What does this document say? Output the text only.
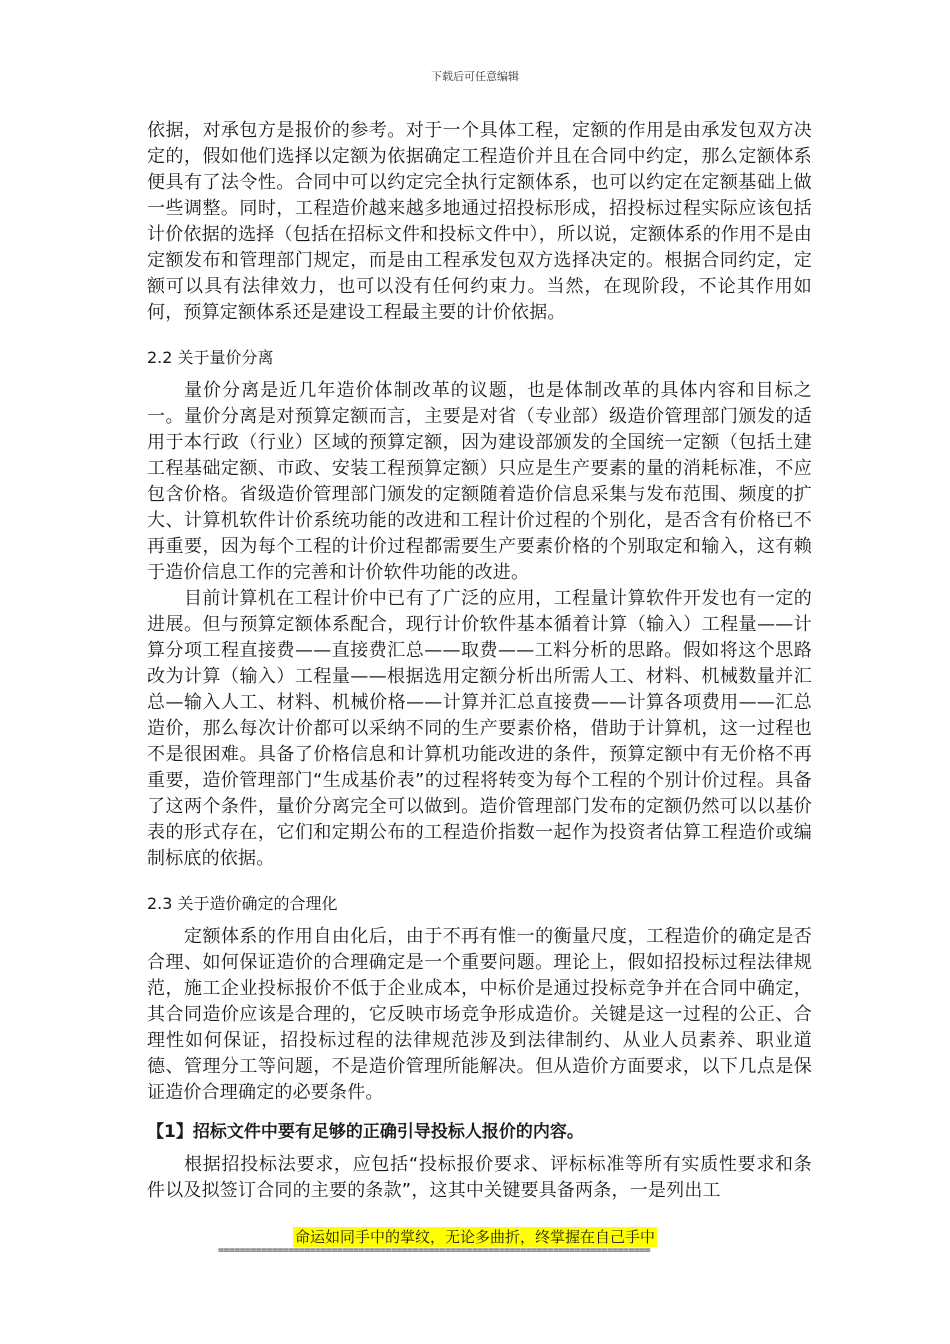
下载后可任意编辑

依据，对承包方是报价的参考。对于一个具体工程，定额的作用是由承发包双方决定的，假如他们选择以定额为依据确定工程造价并且在合同中约定，那么定额体系便具有了法令性。合同中可以约定完全执行定额体系，也可以约定在定额基础上做一些调整。同时，工程造价越来越多地通过招投标形成，招投标过程实际应该包括计价依据的选择（包括在招标文件和投标文件中），所以说，定额体系的作用不是由定额发布和管理部门规定，而是由工程承发包双方选择决定的。根据合同约定，定额可以具有法律效力，也可以没有任何约束力。当然，在现阶段，不论其作用如何，预算定额体系还是建设工程最主要的计价依据。

2.2 关于量价分离

量价分离是近几年造价体制改革的议题，也是体制改革的具体内容和目标之一。量价分离是对预算定额而言，主要是对省（专业部）级造价管理部门颁发的适用于本行政（行业）区域的预算定额，因为建设部颁发的全国统一定额（包括土建工程基础定额、市政、安装工程预算定额）只应是生产要素的量的消耗标准，不应包含价格。省级造价管理部门颁发的定额随着造价信息采集与发布范围、频度的扩大、计算机软件计价系统功能的改进和工程计价过程的个别化，是否含有价格已不再重要，因为每个工程的计价过程都需要生产要素价格的个别取定和输入，这有赖于造价信息工作的完善和计价软件功能的改进。

目前计算机在工程计价中已有了广泛的应用，工程量计算软件开发也有一定的进展。但与预算定额体系配合，现行计价软件基本循着计算（输入）工程量——计算分项工程直接费——直接费汇总——取费——工料分析的思路。假如将这个思路改为计算（输入）工程量——根据选用定额分析出所需人工、材料、机械数量并汇总—输入人工、材料、机械价格——计算并汇总直接费——计算各项费用——汇总造价，那么每次计价都可以采纳不同的生产要素价格，借助于计算机，这一过程也不是很困难。具备了价格信息和计算机功能改进的条件，预算定额中有无价格不再重要，造价管理部门“生成基价表”的过程将转变为每个工程的个别计价过程。具备了这两个条件，量价分离完全可以做到。造价管理部门发布的定额仍然可以以基价表的形式存在，它们和定期公布的工程造价指数一起作为投资者估算工程造价或编制标底的依据。

2.3 关于造价确定的合理化

定额体系的作用自由化后，由于不再有惟一的衡量尺度，工程造价的确定是否合理、如何保证造价的合理确定是一个重要问题。理论上，假如招投标过程法律规范，施工企业投标报价不低于企业成本，中标价是通过投标竞争并在合同中确定，其合同造价应该是合理的，它反映市场竞争形成造价。关键是这一过程的公正、合理性如何保证，招投标过程的法律规范涉及到法律制约、从业人员素养、职业道德、管理分工等问题，不是造价管理所能解决。但从造价方面要求，以下几点是保证造价合理确定的必要条件。

【1】招标文件中要有足够的正确引导投标人报价的内容。

根据招投标法要求，应包括“投标报价要求、评标标准等所有实质性要求和条件以及拟签订合同的主要的条款”，这其中关键要具备两条，一是列出工

命运如同手中的掌纹，无论多曲折，终掌握在自己手中
================================================================================
